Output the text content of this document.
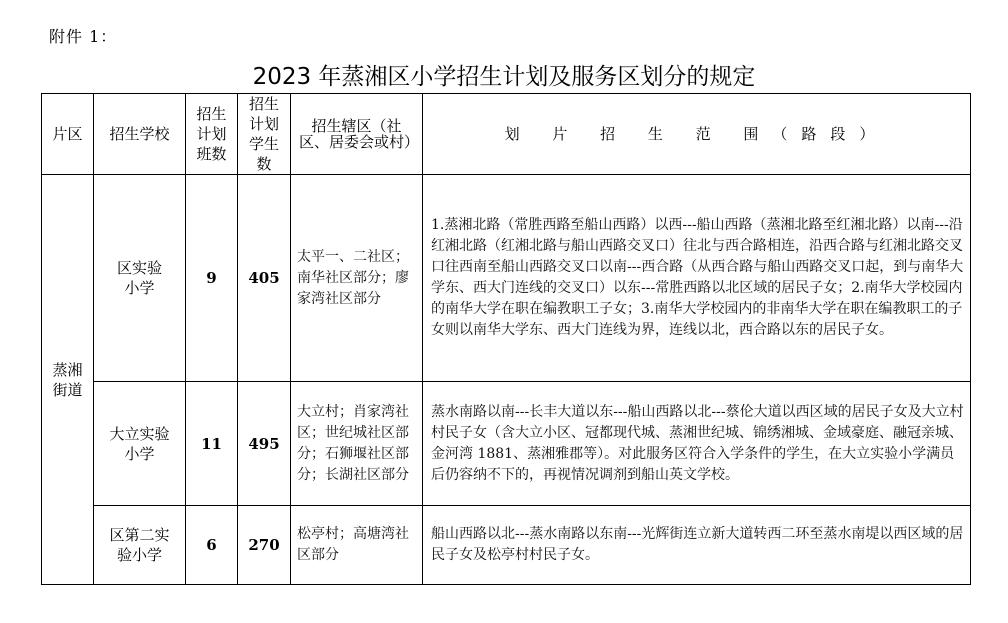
附件 1：
2023 年蒸湘区小学招生计划及服务区划分的规定
片区	招生学校	招生计划班数	招生计划学生数	招生辖区（社区、居委会或村）	划 片 招 生 范 围（路段）
蒸湘街道	区实验小学	9	405	太平一、二社区；南华社区部分；廖家湾社区部分	1.蒸湘北路（常胜西路至船山西路）以西---船山西路（蒸湘北路至红湘北路）以南---沿红湘北路（红湘北路与船山西路交叉口）往北与西合路相连，沿西合路与红湘北路交叉口往西南至船山西路交叉口以南---西合路（从西合路与船山西路交叉口起，到与南华大学东、西大门连线的交叉口）以东---常胜西路以北区域的居民子女；2.南华大学校园内的南华大学在职在编教职工子女；3.南华大学校园内的非南华大学在职在编教职工的子女则以南华大学东、西大门连线为界，连线以北，西合路以东的居民子女。
	大立实验小学	11	495	大立村；肖家湾社区；世纪城社区部分；石狮堰社区部分；长湖社区部分	蒸水南路以南---长丰大道以东---船山西路以北---蔡伦大道以西区域的居民子女及大立村村民子女（含大立小区、冠都现代城、蒸湘世纪城、锦绣湘城、金域豪庭、融冠亲城、金河湾 1881、蒸湘雅郡等）。对此服务区符合入学条件的学生，在大立实验小学满员后仍容纳不下的，再视情况调剂到船山英文学校。
	区第二实验小学	6	270	松亭村；高塘湾社区部分	船山西路以北---蒸水南路以东南---光辉街连立新大道转西二环至蒸水南堤以西区域的居民子女及松亭村村民子女。
